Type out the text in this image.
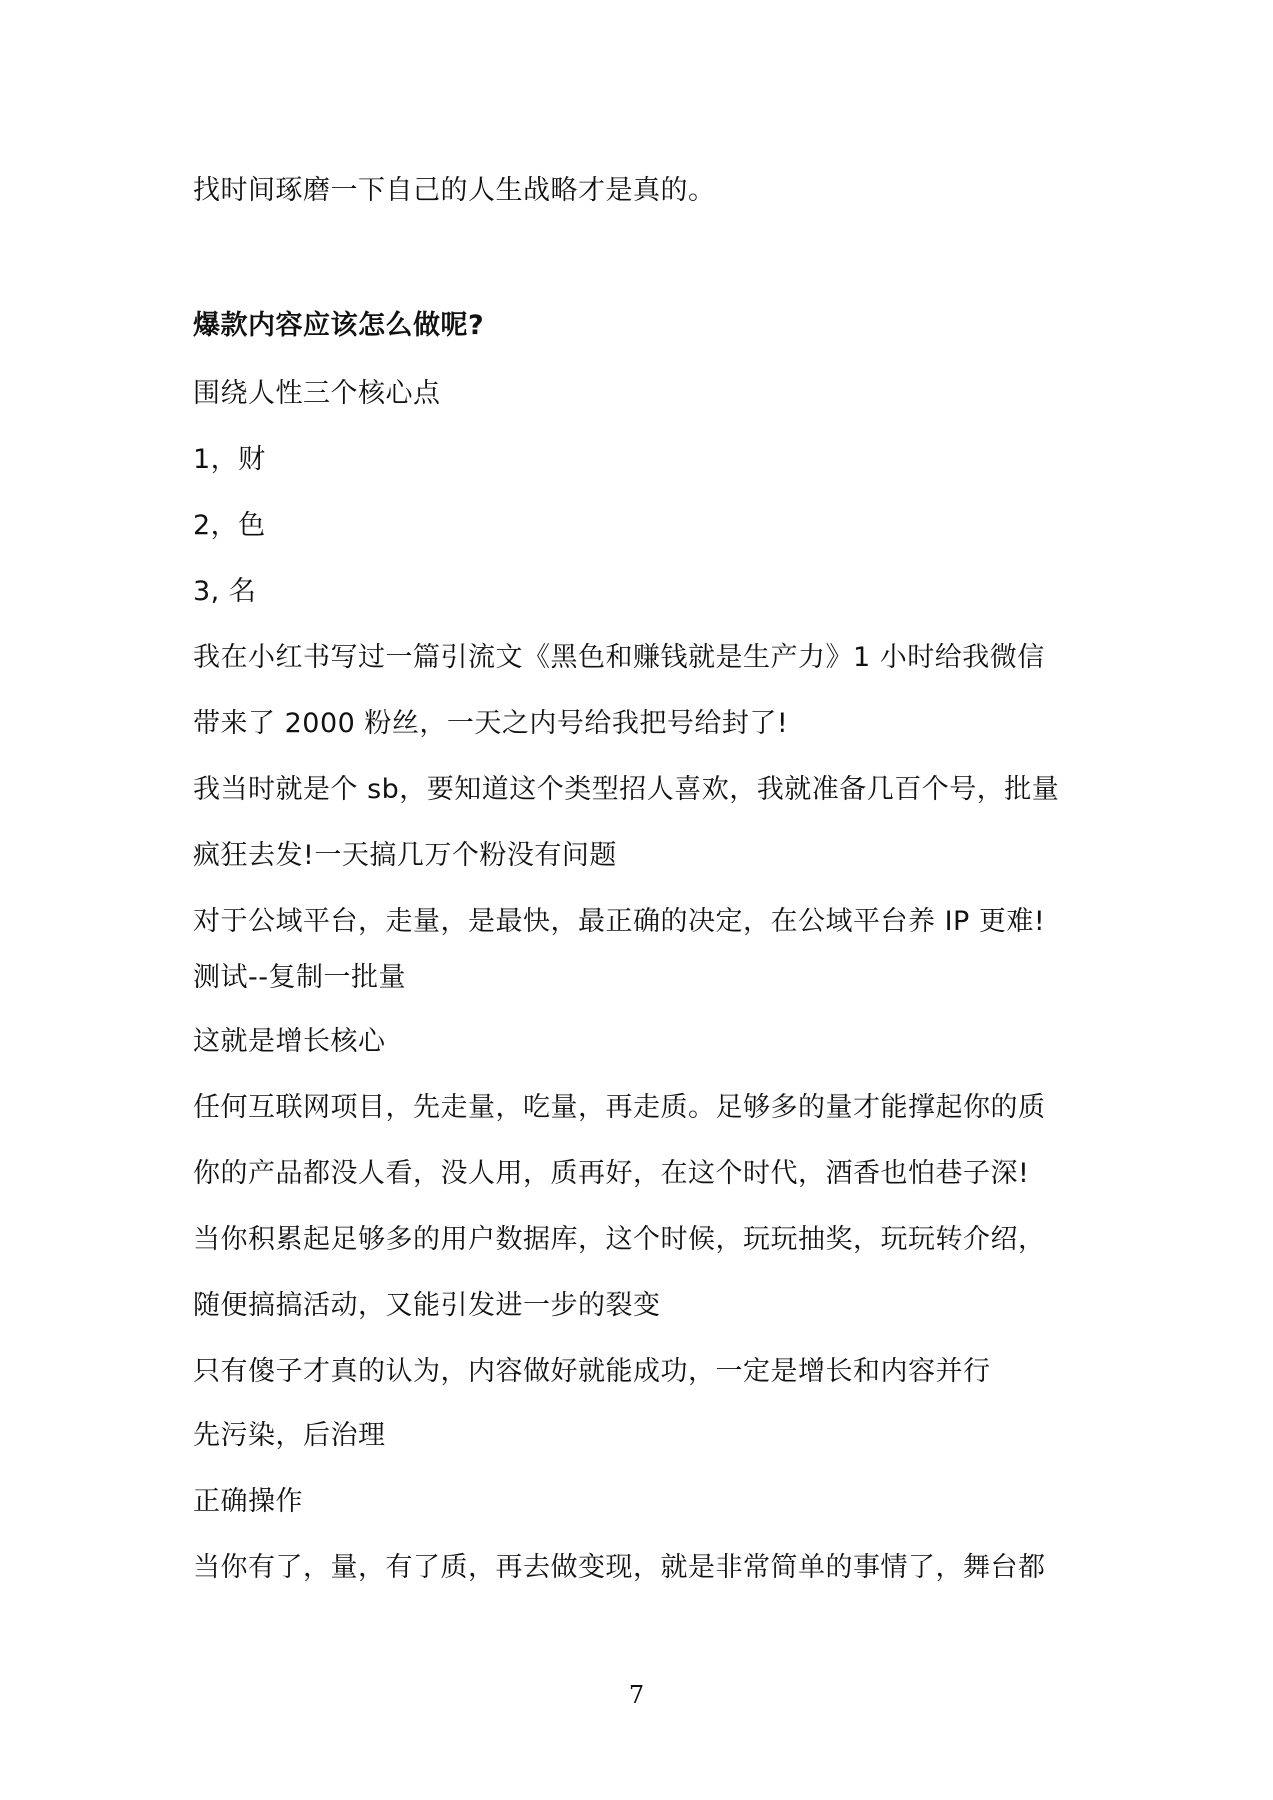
找时间琢磨一下自己的人生战略才是真的。
爆款内容应该怎么做呢?
围绕人性三个核心点
1，财
2，色
3, 名
我在小红书写过一篇引流文《黑色和赚钱就是生产力》1 小时给我微信
带来了 2000 粉丝，一天之内号给我把号给封了!
我当时就是个 sb，要知道这个类型招人喜欢，我就准备几百个号，批量
疯狂去发!一天搞几万个粉没有问题
对于公域平台，走量，是最快，最正确的决定，在公域平台养 IP 更难!
测试--复制一批量
这就是增长核心
任何互联网项目，先走量，吃量，再走质。足够多的量才能撑起你的质
你的产品都没人看，没人用，质再好，在这个时代，酒香也怕巷子深!
当你积累起足够多的用户数据库，这个时候，玩玩抽奖，玩玩转介绍，
随便搞搞活动，又能引发进一步的裂变
只有傻子才真的认为，内容做好就能成功，一定是增长和内容并行
先污染，后治理
正确操作
当你有了，量，有了质，再去做变现，就是非常简单的事情了，舞台都
7
